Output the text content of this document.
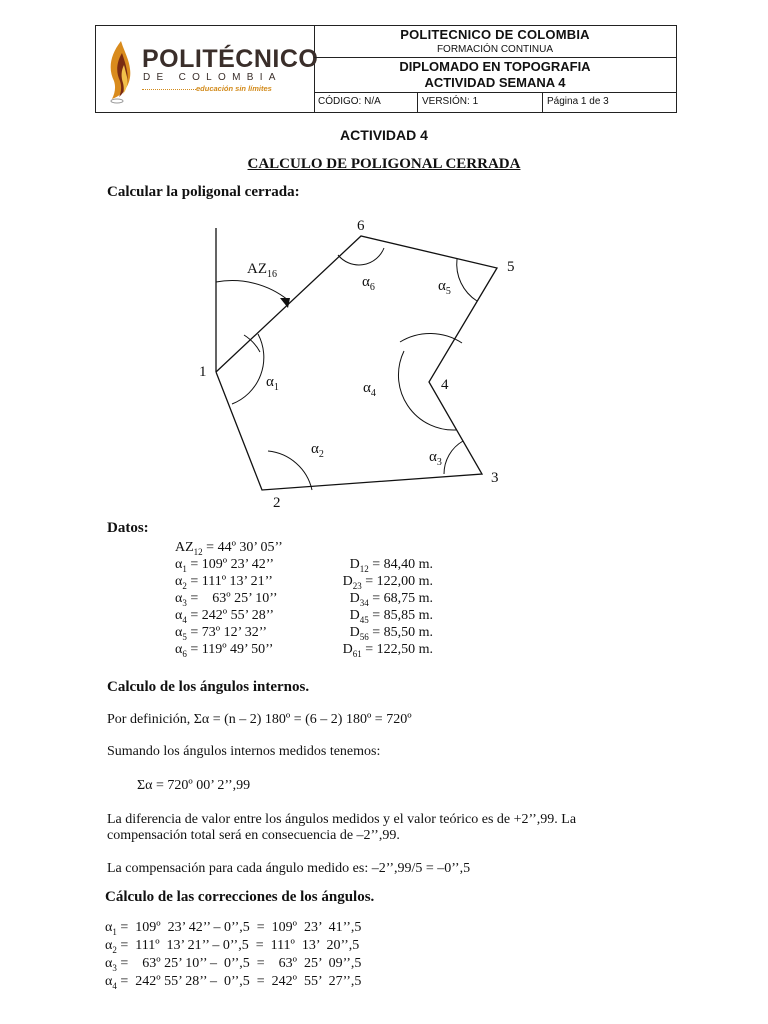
POLITÉCNICO
DE COLOMBIA
educación sin límites
POLITECNICO DE COLOMBIA
FORMACIÓN CONTINUA
DIPLOMADO EN TOPOGRAFIA
ACTIVIDAD SEMANA 4
CÓDIGO: N/A	VERSIÓN: 1	Página 1 de 3
ACTIVIDAD 4
CALCULO DE POLIGONAL CERRADA
Calcular la poligonal cerrada:
$AZ_{16}$
6
5
1
4
3
2
$\alpha_1$
$\alpha_2$	$\alpha_3$
$\alpha_4$
$\alpha_5$
$\alpha_6$
Datos:
$AZ_{12}$ = 44º 30’ 05’’
$\alpha_1$ = 109º 23’ 42’’	$D_{12} = 84,40$ m.
$\alpha_2$ = 111º 13’ 21’’	$D_{23} = 122,00$ m.
$\alpha_3$ =    63º 25’ 10’’	$D_{34} = 68,75$ m.
$\alpha_4$ = 242º 55’ 28’’	$D_{45} = 85,85$ m.
$\alpha_5$ = 73º 12’ 32’’	$D_{56} = 85,50$ m.
$\alpha_6$ = 119º 49’ 50’’	$D_{61} = 122,50$ m.
Calculo de los ángulos internos.
Por definición, Σα = (n – 2) 180º = (6 – 2) 180º = 720º
Sumando los ángulos internos medidos tenemos:
Σα = 720º 00’ 2’’,99
La diferencia de valor entre los ángulos medidos y el valor teórico es de +2’’,99. La
compensación total será en consecuencia de –2’’,99.
La compensación para cada ángulo medido es: –2’’,99/5 = –0’’,5
Cálculo de las correcciones de los ángulos.
$\alpha_1$ =  109º  23’ 42’’ – 0’’,5  =  109º  23’  41’’,5
$\alpha_2$ =  111º  13’ 21’’ – 0’’,5  =  111º  13’  20’’,5
$\alpha_3$ =    63º 25’ 10’’ –  0’’,5  =    63º  25’  09’’,5
$\alpha_4$ =  242º 55’ 28’’ –  0’’,5  =  242º  55’  27’’,5
